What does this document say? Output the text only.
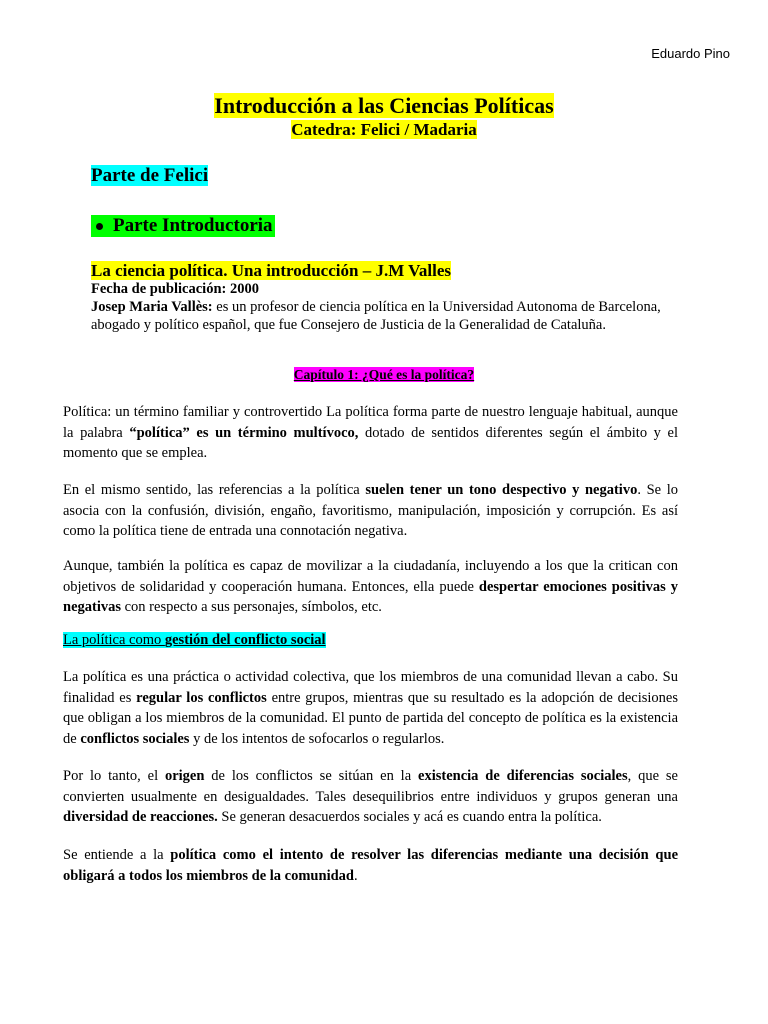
Eduardo Pino
Introducción a las Ciencias Políticas
Catedra: Felici / Madaria
Parte de Felici
Parte Introductoria
La ciencia política. Una introducción – J.M Valles
Fecha de publicación: 2000
Josep Maria Vallès: es un profesor de ciencia política en la Universidad Autonoma de Barcelona, abogado y político español, que fue Consejero de Justicia de la Generalidad de Cataluña.
Capítulo 1: ¿Qué es la política?
Política: un término familiar y controvertido La política forma parte de nuestro lenguaje habitual, aunque la palabra “política” es un término multívoco, dotado de sentidos diferentes según el ámbito y el momento que se emplea.
En el mismo sentido, las referencias a la política suelen tener un tono despectivo y negativo. Se lo asocia con la confusión, división, engaño, favoritismo, manipulación, imposición y corrupción. Es así como la política tiene de entrada una connotación negativa.
Aunque, también la política es capaz de movilizar a la ciudadanía, incluyendo a los que la critican con objetivos de solidaridad y cooperación humana. Entonces, ella puede despertar emociones positivas y negativas con respecto a sus personajes, símbolos, etc.
La política como gestión del conflicto social
La política es una práctica o actividad colectiva, que los miembros de una comunidad llevan a cabo. Su finalidad es regular los conflictos entre grupos, mientras que su resultado es la adopción de decisiones que obligan a los miembros de la comunidad. El punto de partida del concepto de política es la existencia de conflictos sociales y de los intentos de sofocarlos o regularlos.
Por lo tanto, el origen de los conflictos se sitúan en la existencia de diferencias sociales, que se convierten usualmente en desigualdades. Tales desequilibrios entre individuos y grupos generan una diversidad de reacciones. Se generan desacuerdos sociales y acá es cuando entra la política.
Se entiende a la política como el intento de resolver las diferencias mediante una decisión que obligará a todos los miembros de la comunidad.
